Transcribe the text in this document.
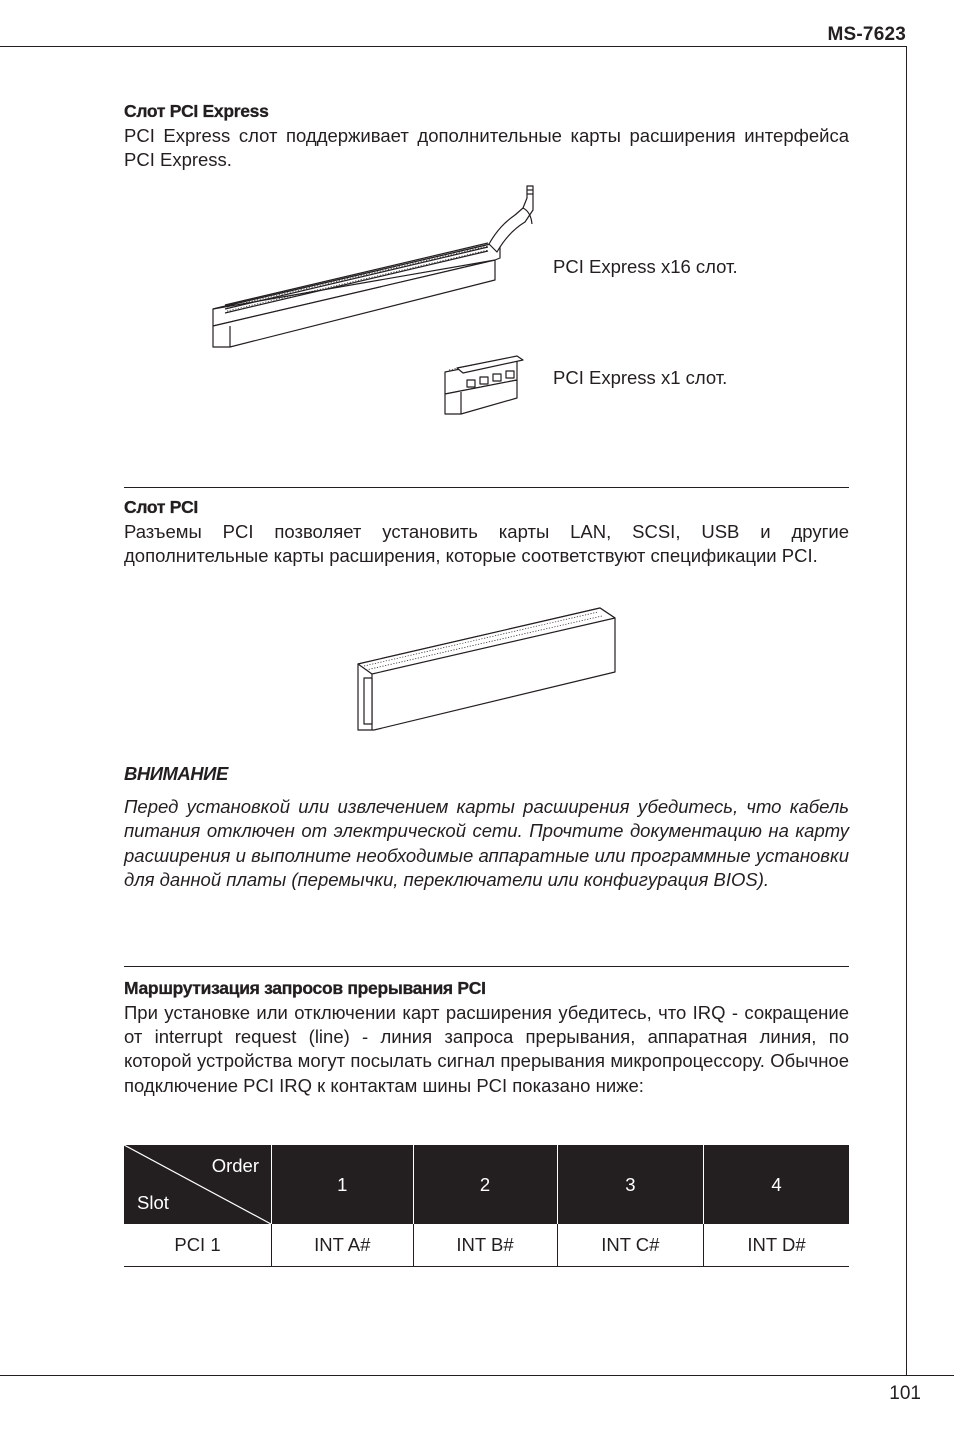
MS-7623
Слот PCI Express
PCI Express слот поддерживает дополнительные карты расширения интерфейса PCI Express.
PCI Express x16 слот.
PCI Express x1 слот.
Слот PCI
Разъемы PCI позволяет установить карты LAN, SCSI, USB и другие дополнительные карты расширения, которые соответствуют спецификации PCI.
ВНИМАНИЕ
Перед установкой или извлечением карты расширения убедитесь, что кабель питания отключен от электрической сети. Прочтите документацию на карту расширения и выполните необходимые аппаратные или программные установки для данной платы (перемычки, переключатели или конфигурация BIOS).
Маршрутизация запросов прерывания PCI
При установке или отключении карт расширения убедитесь, что IRQ - сокращение от interrupt request (line) - линия запроса прерывания, аппаратная линия, по которой устройства могут посылать сигнал прерывания микропроцессору. Обычное подключение PCI IRQ к контактам шины PCI показано ниже:
Order
Slot	1	2	3	4
PCI 1	INT A#	INT B#	INT C#	INT D#
101
